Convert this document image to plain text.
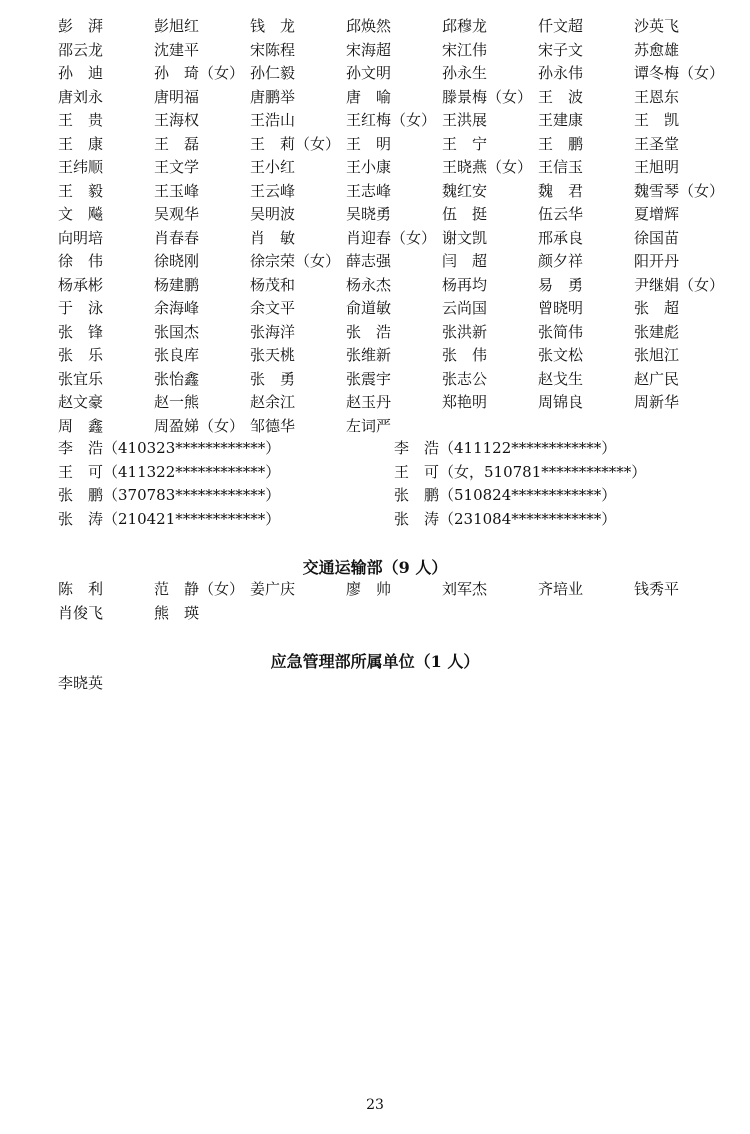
彭　湃	彭旭红	钱　龙	邱焕然	邱穆龙	仟文超	沙英飞
邵云龙	沈建平	宋陈程	宋海超	宋江伟	宋子文	苏愈雄
孙　迪	孙　琦（女） 孙仁毅	孙文明	孙永生	孙永伟	谭冬梅（女）
唐刘永	唐明福	唐鹏举	唐　喻	滕景梅（女） 王　波	王恩东
王　贵	王海权	王浩山	王红梅（女） 王洪展	王建康	王　凯
王　康	王　磊	王　莉（女） 王　明	王　宁	王　鹏	王圣堂
王纬顺	王文学	王小红	王小康	王晓燕（女） 王信玉	王旭明
王　毅	王玉峰	王云峰	王志峰	魏红安	魏　君	魏雪琴（女）
文　飚	吴观华	吴明波	吴晓勇	伍　挺	伍云华	夏增辉
向明培	肖春春	肖　敏	肖迎春（女） 谢文凯	邢承良	徐国苗
徐　伟	徐晓刚	徐宗荣（女） 薛志强	闫　超	颜夕祥	阳开丹
杨承彬	杨建鹏	杨茂和	杨永杰	杨再均	易　勇	尹继娟（女）
于　泳	余海峰	余文平	俞道敏	云尚国	曾晓明	张　超
张　锋	张国杰	张海洋	张　浩	张洪新	张简伟	张建彪
张　乐	张良库	张天桃	张维新	张　伟	张文松	张旭江
张宜乐	张怡鑫	张　勇	张震宇	张志公	赵戈生	赵广民
赵文豪	赵一熊	赵余江	赵玉丹	郑艳明	周锦良	周新华
周　鑫	周盈娣（女） 邹德华	左词严
李　浩（410323************）	李　浩（411122************）
王　可（411322************）	王　可（女，510781************）
张　鹏（370783************）	张　鹏（510824************）
张　涛（210421************）	张　涛（231084************）
交通运输部（9 人）
陈　利	范　静（女） 姜广庆	廖　帅	刘军杰	齐培业	钱秀平
肖俊飞	熊　瑛
应急管理部所属单位（1 人）
李晓英
23
